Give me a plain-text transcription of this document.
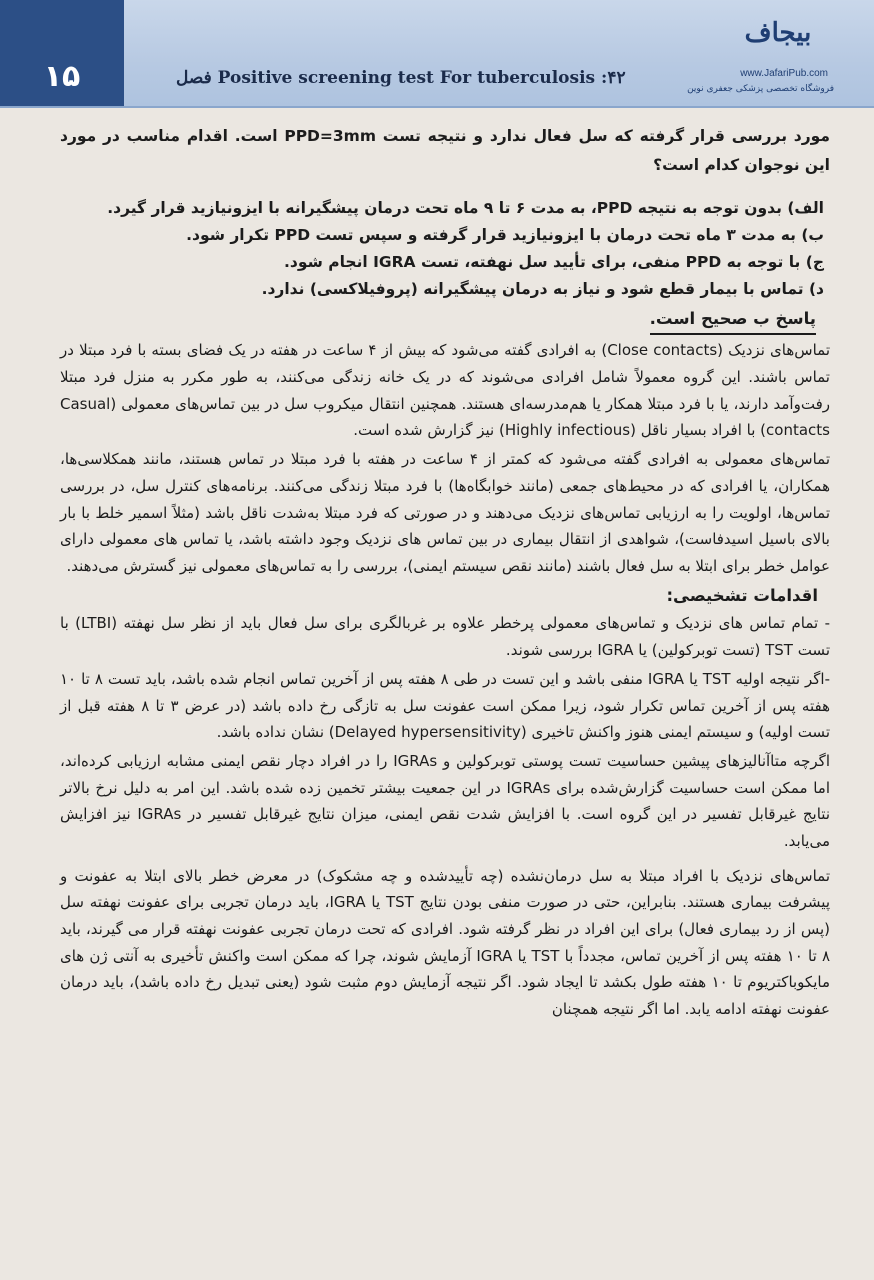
۱۵	Positive screening test For tuberculosis :۴۲ فصل
بیجاف
www.JafariPub.com
فروشگاه تخصصی پزشکی جعفری نوین

مورد بررسی قرار گرفته که سل فعال ندارد و نتیجه تست PPD=3mm است. اقدام مناسب در مورد این نوجوان کدام است؟

الف) بدون توجه به نتیجه PPD، به مدت ۶ تا ۹ ماه تحت درمان پیشگیرانه با ایزونیازید قرار گیرد.

ب) به مدت ۳ ماه تحت درمان با ایزونیازید قرار گرفته و سپس تست PPD تکرار شود.

ج) با توجه به PPD منفی، برای تأیید سل نهفته، تست IGRA انجام شود.

د) تماس با بیمار قطع شود و نیاز به درمان پیشگیرانه (پروفیلاکسی) ندارد.

پاسخ ب صحیح است.

تماس‌های نزدیک (Close contacts) به افرادی گفته می‌شود که بیش از ۴ ساعت در هفته در یک فضای بسته با فرد مبتلا در تماس باشند. این گروه معمولاً شامل افرادی می‌شوند که در یک خانه زندگی می‌کنند، به طور مکرر به منزل فرد مبتلا رفت‌وآمد دارند، یا با فرد مبتلا همکار یا هم‌مدرسه‌ای هستند. همچنین انتقال میکروب سل در بین تماس‌های معمولی (Casual contacts) با افراد بسیار ناقل (Highly infectious) نیز گزارش شده است.

تماس‌های معمولی به افرادی گفته می‌شود که کمتر از ۴ ساعت در هفته با فرد مبتلا در تماس هستند، مانند همکلاسی‌ها، همکاران، یا افرادی که در محیط‌های جمعی (مانند خوابگاه‌ها) با فرد مبتلا زندگی می‌کنند. برنامه‌های کنترل سل، در بررسی تماس‌ها، اولویت را به ارزیابی تماس‌های نزدیک می‌دهند و در صورتی که فرد مبتلا به‌شدت ناقل باشد (مثلاً اسمیر خلط با بار بالای باسیل اسیدفاست)، شواهدی از انتقال بیماری در بین تماس های نزدیک وجود داشته باشد، یا تماس های معمولی دارای عوامل خطر برای ابتلا به سل فعال باشند (مانند نقص سیستم ایمنی)، بررسی را به تماس‌های معمولی نیز گسترش می‌دهند.

اقدامات تشخیصی:

- تمام تماس های نزدیک و تماس‌های معمولی پرخطر علاوه بر غربالگری برای سل فعال باید از نظر سل نهفته (LTBI) با تست TST (تست توبرکولین) یا IGRA بررسی شوند.

-اگر نتیجه اولیه TST یا IGRA منفی باشد و این تست در طی ۸ هفته پس از آخرین تماس انجام شده باشد، باید تست ۸ تا ۱۰ هفته پس از آخرین تماس تکرار شود، زیرا ممکن است عفونت سل به تازگی رخ داده باشد (در عرض ۳ تا ۸ هفته قبل از تست اولیه) و سیستم ایمنی هنوز واکنش تاخیری (Delayed hypersensitivity) نشان نداده باشد.

اگرچه متاآنالیزهای پیشین حساسیت تست پوستی توبرکولین و IGRAs را در افراد دچار نقص ایمنی مشابه ارزیابی کرده‌اند، اما ممکن است حساسیت گزارش‌شده برای IGRAs در این جمعیت بیشتر تخمین زده شده باشد. این امر به دلیل نرخ بالاتر نتایج غیرقابل تفسیر در این گروه است. با افزایش شدت نقص ایمنی، میزان نتایج غیرقابل تفسیر در IGRAs نیز افزایش می‌یابد.

تماس‌های نزدیک با افراد مبتلا به سل درمان‌نشده (چه تأییدشده و چه مشکوک) در معرض خطر بالای ابتلا به عفونت و پیشرفت بیماری هستند. بنابراین، حتی در صورت منفی بودن نتایج TST یا IGRA، باید درمان تجربی برای عفونت نهفته سل (پس از رد بیماری فعال) برای این افراد در نظر گرفته شود. افرادی که تحت درمان تجربی عفونت نهفته قرار می گیرند، باید ۸ تا ۱۰ هفته پس از آخرین تماس، مجدداً با TST یا IGRA آزمایش شوند، چرا که ممکن است واکنش تأخیری به آنتی ژن های مایکوباکتریوم تا ۱۰ هفته طول بکشد تا ایجاد شود. اگر نتیجه آزمایش دوم مثبت شود (یعنی تبدیل رخ داده باشد)، باید درمان عفونت نهفته ادامه یابد. اما اگر نتیجه همچنان
